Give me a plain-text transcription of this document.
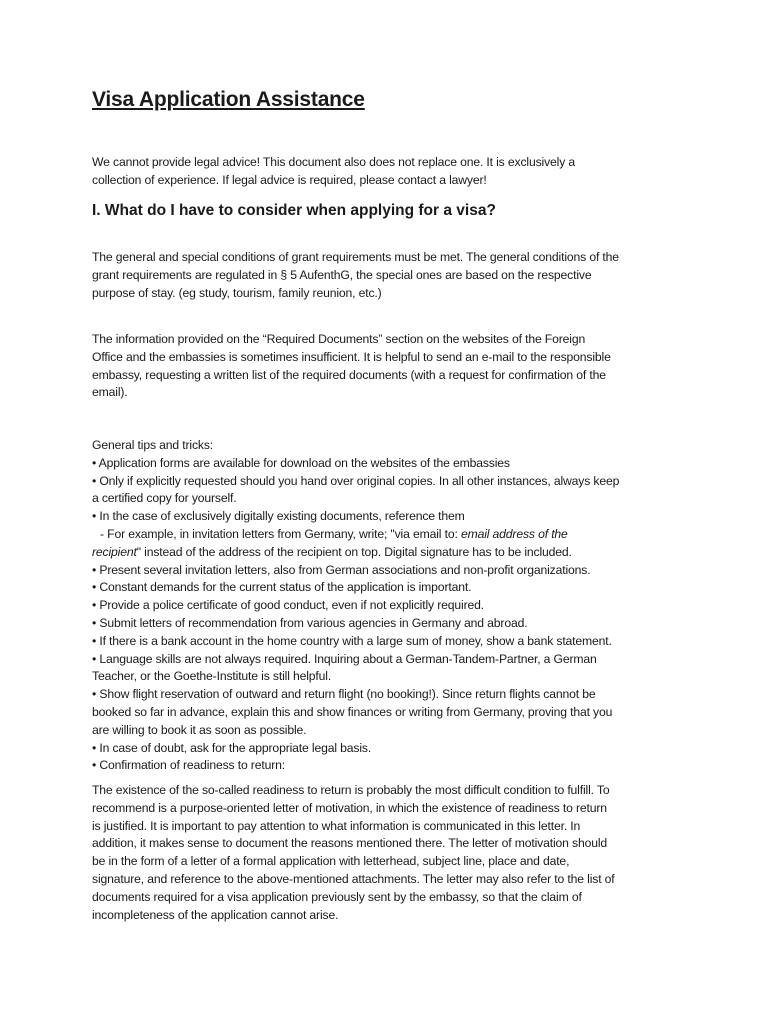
Visa Application Assistance

We cannot provide legal advice! This document also does not replace one. It is exclusively a
collection of experience. If legal advice is required, please contact a lawyer!

I. What do I have to consider when applying for a visa?

The general and special conditions of grant requirements must be met. The general conditions of the
grant requirements are regulated in § 5 AufenthG, the special ones are based on the respective
purpose of stay. (eg study, tourism, family reunion, etc.)

The information provided on the “Required Documents” section on the websites of the Foreign
Office and the embassies is sometimes insufficient. It is helpful to send an e-mail to the responsible
embassy, requesting a written list of the required documents (with a request for confirmation of the
email).

General tips and tricks:
• Application forms are available for download on the websites of the embassies
• Only if explicitly requested should you hand over original copies. In all other instances, always keep
a certified copy for yourself.
• In the case of exclusively digitally existing documents, reference them
- For example, in invitation letters from Germany, write; "via email to: email address of the
recipient" instead of the address of the recipient on top. Digital signature has to be included.
• Present several invitation letters, also from German associations and non-profit organizations.
• Constant demands for the current status of the application is important.
• Provide a police certificate of good conduct, even if not explicitly required.
• Submit letters of recommendation from various agencies in Germany and abroad.
• If there is a bank account in the home country with a large sum of money, show a bank statement.
• Language skills are not always required. Inquiring about a German-Tandem-Partner, a German
Teacher, or the Goethe-Institute is still helpful.
• Show flight reservation of outward and return flight (no booking!). Since return flights cannot be
booked so far in advance, explain this and show finances or writing from Germany, proving that you
are willing to book it as soon as possible.
• In case of doubt, ask for the appropriate legal basis.
• Confirmation of readiness to return:

The existence of the so-called readiness to return is probably the most difficult condition to fulfill. To
recommend is a purpose-oriented letter of motivation, in which the existence of readiness to return
is justified. It is important to pay attention to what information is communicated in this letter. In
addition, it makes sense to document the reasons mentioned there. The letter of motivation should
be in the form of a letter of a formal application with letterhead, subject line, place and date,
signature, and reference to the above-mentioned attachments. The letter may also refer to the list of
documents required for a visa application previously sent by the embassy, so that the claim of
incompleteness of the application cannot arise.
